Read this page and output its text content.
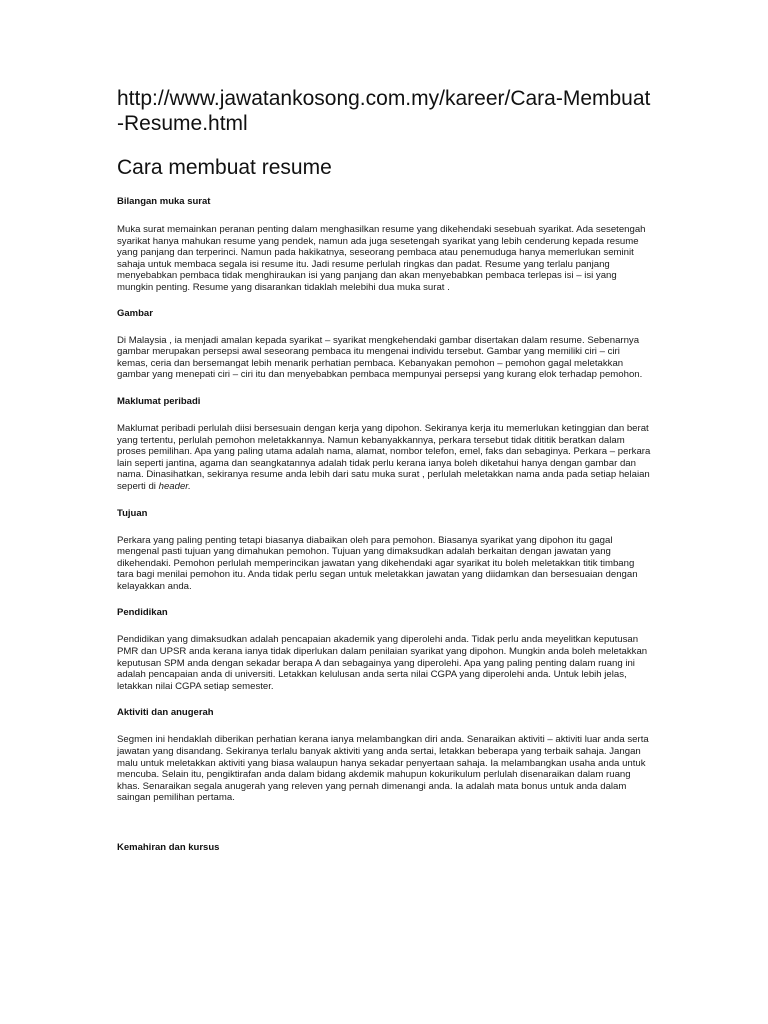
http://www.jawatankosong.com.my/kareer/Cara-Membuat-Resume.html
Cara membuat resume

Bilangan muka surat

Muka surat memainkan peranan penting dalam menghasilkan resume yang dikehendaki sesebuah syarikat. Ada sesetengah syarikat hanya mahukan resume yang pendek, namun ada juga sesetengah syarikat yang lebih cenderung kepada resume yang panjang dan terperinci. Namun pada hakikatnya, seseorang pembaca atau penemuduga hanya memerlukan seminit sahaja untuk membaca segala isi resume itu. Jadi resume perlulah ringkas dan padat. Resume yang terlalu panjang menyebabkan pembaca tidak menghiraukan isi yang panjang dan akan menyebabkan pembaca terlepas isi – isi yang mungkin penting. Resume yang disarankan tidaklah melebihi dua muka surat .

Gambar

Di Malaysia , ia menjadi amalan kepada syarikat – syarikat mengkehendaki gambar disertakan dalam resume. Sebenarnya gambar merupakan persepsi awal seseorang pembaca itu mengenai individu tersebut. Gambar yang memiliki ciri – ciri kemas, ceria dan bersemangat lebih menarik perhatian pembaca. Kebanyakan pemohon – pemohon gagal meletakkan gambar yang menepati ciri – ciri itu dan menyebabkan pembaca mempunyai persepsi yang kurang elok terhadap pemohon.

Maklumat peribadi

Maklumat peribadi perlulah diisi bersesuain dengan kerja yang dipohon. Sekiranya kerja itu memerlukan ketinggian dan berat yang tertentu, perlulah pemohon meletakkannya. Namun kebanyakkannya, perkara tersebut tidak dititik beratkan dalam proses pemilihan. Apa yang paling utama adalah nama, alamat, nombor telefon, emel, faks dan sebaginya. Perkara – perkara lain seperti jantina, agama dan seangkatannya adalah tidak perlu kerana ianya boleh diketahui hanya dengan gambar dan nama. Dinasihatkan, sekiranya resume anda lebih dari satu muka surat , perlulah meletakkan nama anda pada setiap helaian seperti di header.

Tujuan

Perkara yang paling penting tetapi biasanya diabaikan oleh para pemohon. Biasanya syarikat yang dipohon itu gagal mengenal pasti tujuan yang dimahukan pemohon. Tujuan yang dimaksudkan adalah berkaitan dengan jawatan yang dikehendaki. Pemohon perlulah memperincikan jawatan yang dikehendaki agar syarikat itu boleh meletakkan titik timbang tara bagi menilai pemohon itu. Anda tidak perlu segan untuk meletakkan jawatan yang diidamkan dan bersesuaian dengan kelayakkan anda.

Pendidikan

Pendidikan yang dimaksudkan adalah pencapaian akademik yang diperolehi anda. Tidak perlu anda meyelitkan keputusan PMR dan UPSR anda kerana ianya tidak diperlukan dalam penilaian syarikat yang dipohon. Mungkin anda boleh meletakkan keputusan SPM anda dengan sekadar berapa A dan sebagainya yang diperolehi. Apa yang paling penting dalam ruang ini adalah pencapaian anda di universiti. Letakkan kelulusan anda serta nilai CGPA yang diperolehi anda. Untuk lebih jelas, letakkan nilai CGPA setiap semester.

Aktiviti dan anugerah

Segmen ini hendaklah diberikan perhatian kerana ianya melambangkan diri anda. Senaraikan aktiviti – aktiviti luar anda serta jawatan yang disandang. Sekiranya terlalu banyak aktiviti yang anda sertai, letakkan beberapa yang terbaik sahaja. Jangan malu untuk meletakkan aktiviti yang biasa walaupun hanya sekadar penyertaan sahaja. Ia melambangkan usaha anda untuk mencuba. Selain itu, pengiktirafan anda dalam bidang akdemik mahupun kokurikulum perlulah disenaraikan dalam ruang khas. Senaraikan segala anugerah yang releven yang pernah dimenangi anda. Ia adalah mata bonus untuk anda dalam saingan pemilihan pertama.

Kemahiran dan kursus
